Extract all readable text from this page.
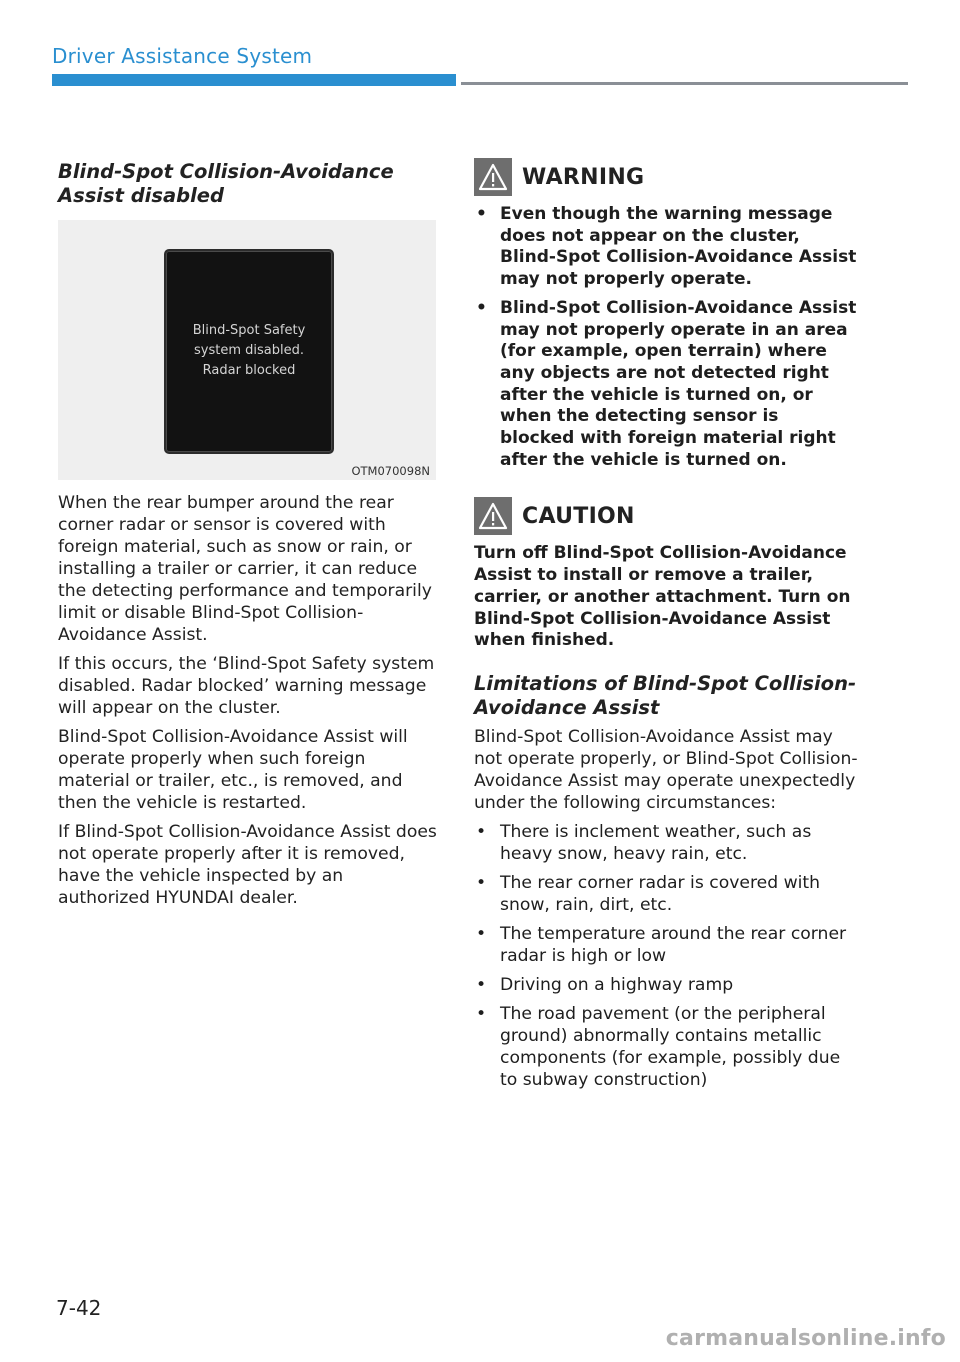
Driver Assistance System
Blind-Spot Collision-Avoidance
Assist disabled
Blind-Spot Safety
system disabled.
Radar blocked
OTM070098N

When the rear bumper around the rear corner radar or sensor is covered with foreign material, such as snow or rain, or installing a trailer or carrier, it can reduce the detecting performance and temporarily limit or disable Blind-Spot Collision-Avoidance Assist.

If this occurs, the ‘Blind-Spot Safety system disabled. Radar blocked’ warning message will appear on the cluster.

Blind-Spot Collision-Avoidance Assist will operate properly when such foreign material or trailer, etc., is removed, and then the vehicle is restarted.

If Blind-Spot Collision-Avoidance Assist does not operate properly after it is removed, have the vehicle inspected by an authorized HYUNDAI dealer.

WARNING
• Even though the warning message does not appear on the cluster, Blind-Spot Collision-Avoidance Assist may not properly operate.
• Blind-Spot Collision-Avoidance Assist may not properly operate in an area (for example, open terrain) where any objects are not detected right after the vehicle is turned on, or when the detecting sensor is blocked with foreign material right after the vehicle is turned on.
CAUTION

Turn off Blind-Spot Collision-Avoidance Assist to install or remove a trailer, carrier, or another attachment. Turn on Blind-Spot Collision-Avoidance Assist when finished.

Limitations of Blind-Spot Collision-
Avoidance Assist

Blind-Spot Collision-Avoidance Assist may not operate properly, or Blind-Spot Collision-Avoidance Assist may operate unexpectedly under the following circumstances:

• There is inclement weather, such as heavy snow, heavy rain, etc.
• The rear corner radar is covered with snow, rain, dirt, etc.
• The temperature around the rear corner radar is high or low
• Driving on a highway ramp
• The road pavement (or the peripheral ground) abnormally contains metallic components (for example, possibly due to subway construction)
7-42
carmanualsonline.info
